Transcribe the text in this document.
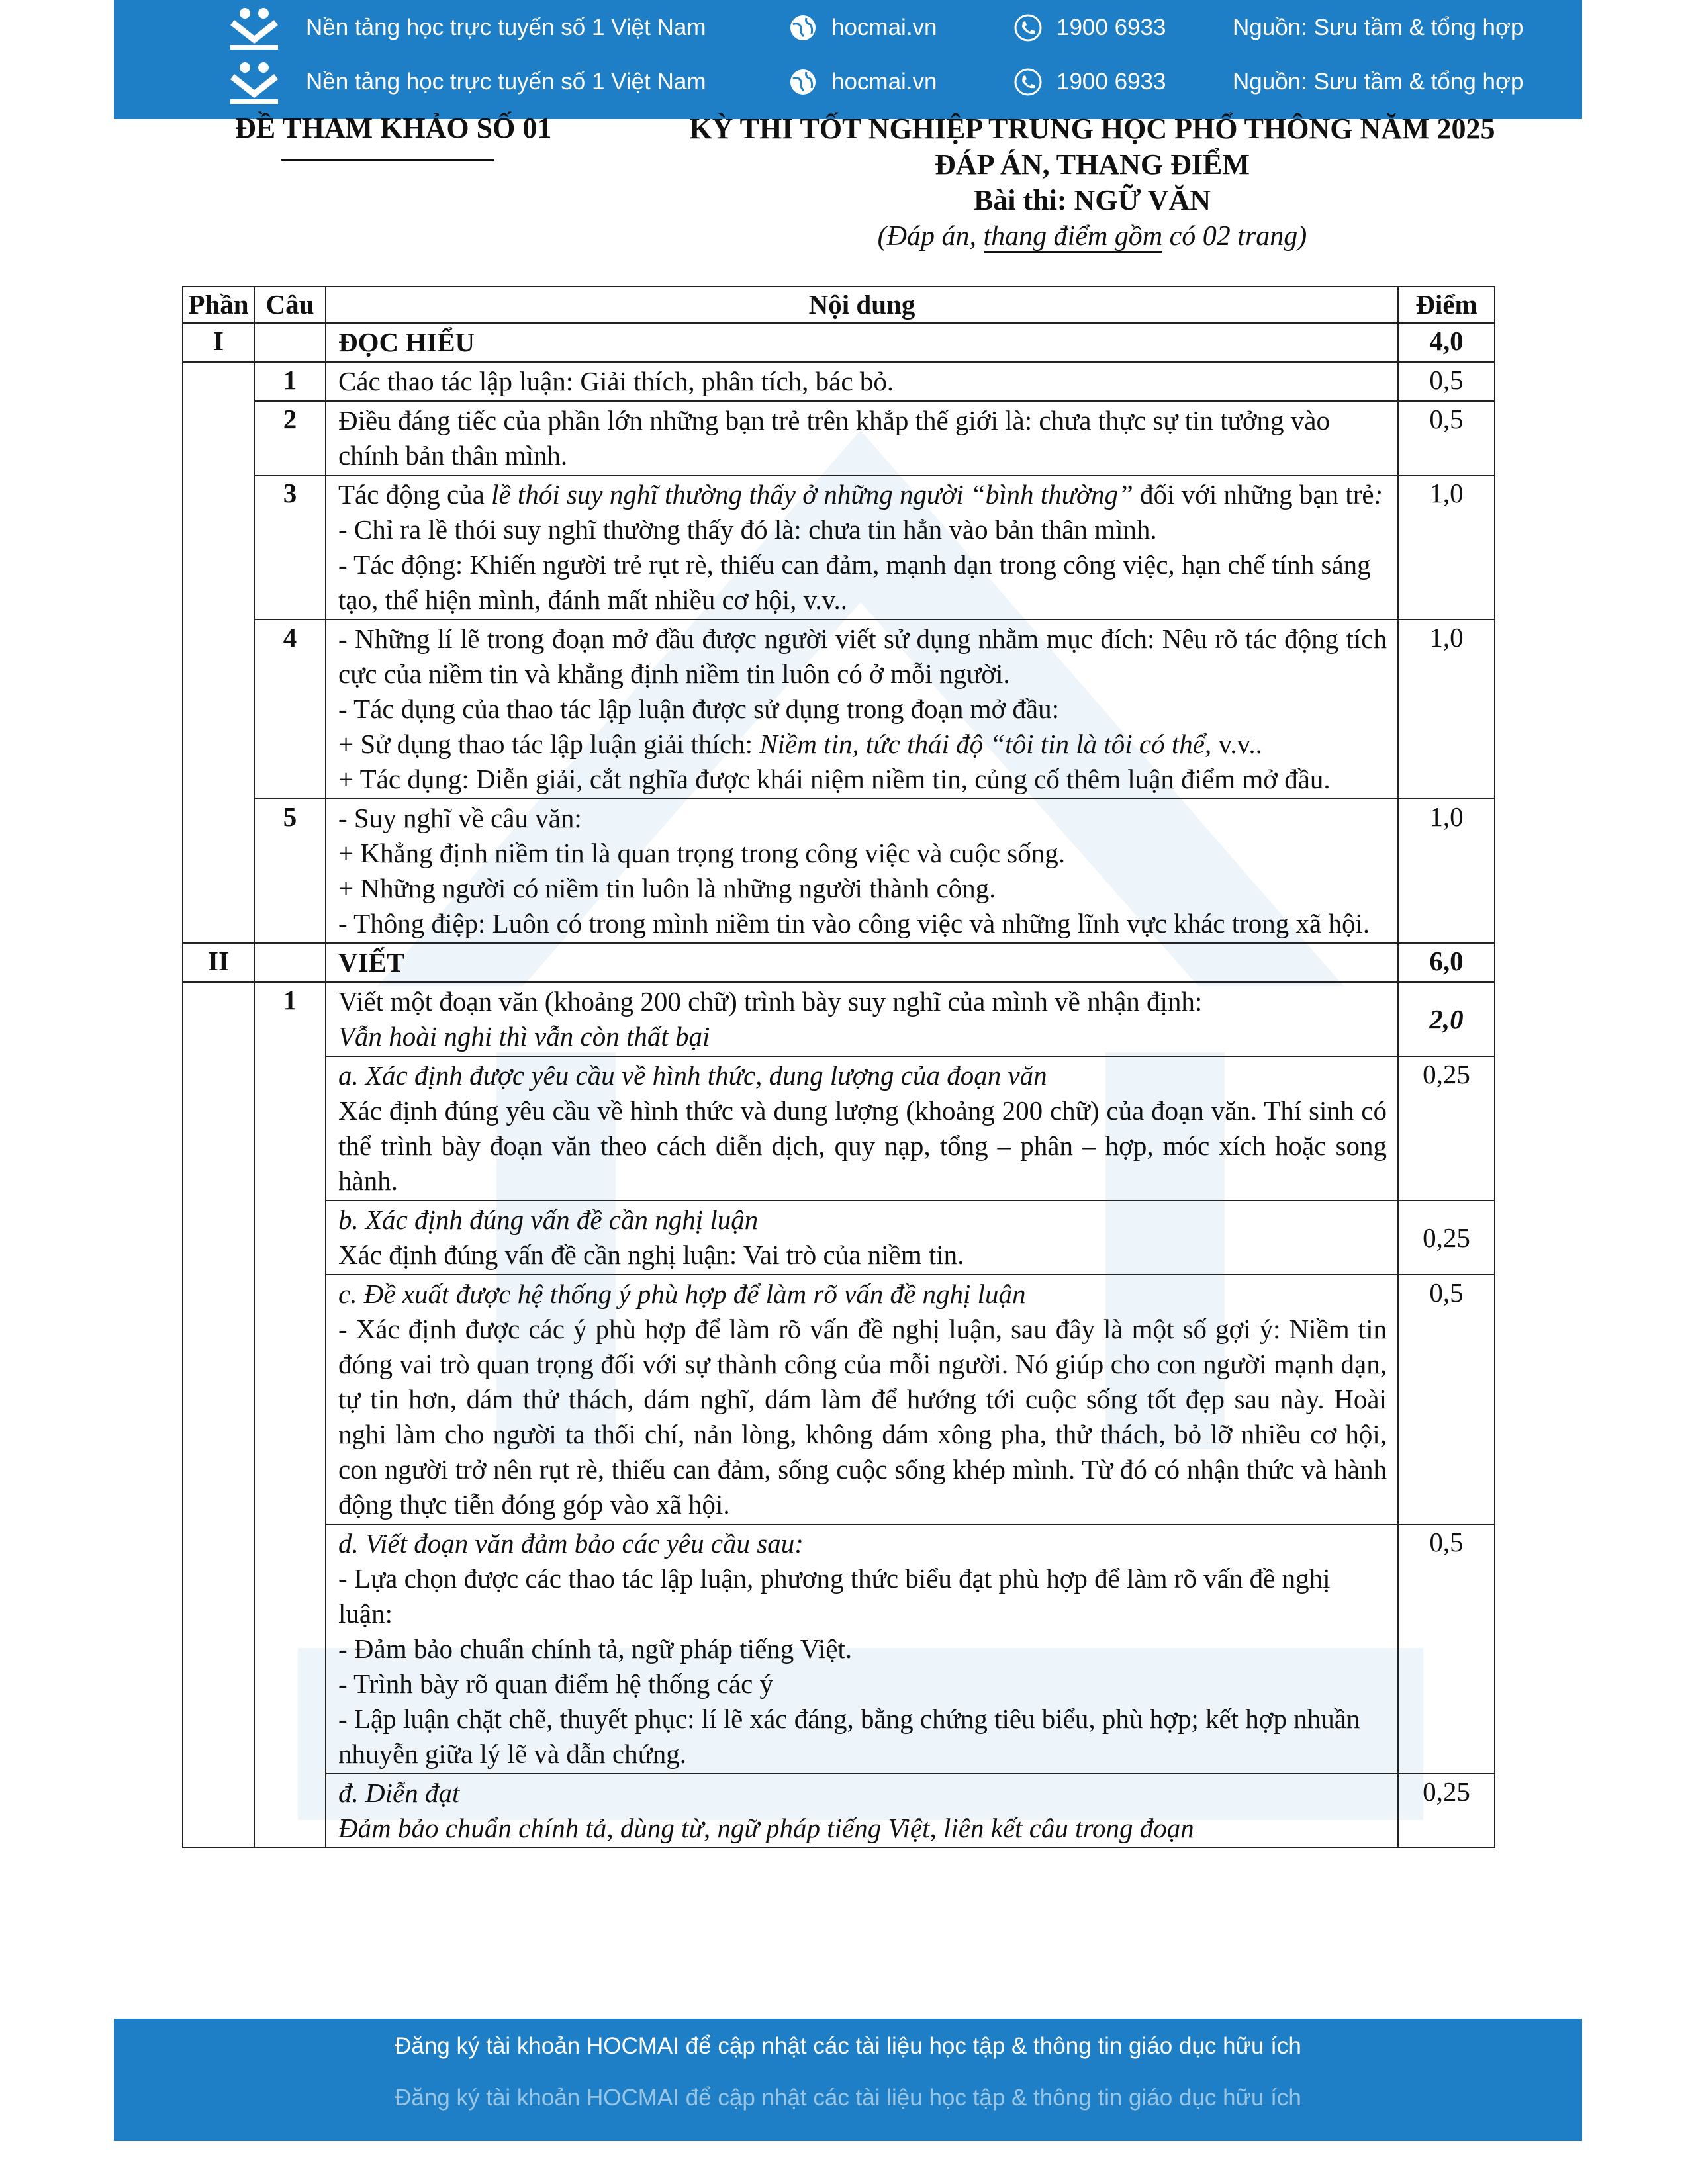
Nền tảng học trực tuyến số 1 Việt Nam	hocmai.vn	1900 6933	Nguồn: Sưu tầm & tổng hợp
Nền tảng học trực tuyến số 1 Việt Nam	hocmai.vn	1900 6933	Nguồn: Sưu tầm & tổng hợp
ĐỀ THAM KHẢO SỐ 01	KỲ THI TỐT NGHIỆP TRUNG HỌC PHỔ THÔNG NĂM 2025
ĐÁP ÁN, THANG ĐIỂM
Bài thi: NGỮ VĂN
(Đáp án, thang điểm gồm có 02 trang)
Phần	Câu	Nội dung	Điểm
I		ĐỌC HIỂU	4,0
	1	Các thao tác lập luận: Giải thích, phân tích, bác bỏ.	0,5
	2	Điều đáng tiếc của phần lớn những bạn trẻ trên khắp thế giới là: chưa thực sự tin tưởng vào chính bản thân mình.	0,5
	3	Tác động của lề thói suy nghĩ thường thấy ở những người “bình thường” đối với những bạn trẻ:
- Chỉ ra lề thói suy nghĩ thường thấy đó là: chưa tin hẳn vào bản thân mình.
- Tác động: Khiến người trẻ rụt rè, thiếu can đảm, mạnh dạn trong công việc, hạn chế tính sáng tạo, thể hiện mình, đánh mất nhiều cơ hội, v.v..	1,0
	4	- Những lí lẽ trong đoạn mở đầu được người viết sử dụng nhằm mục đích: Nêu rõ tác động tích cực của niềm tin và khẳng định niềm tin luôn có ở mỗi người.
- Tác dụng của thao tác lập luận được sử dụng trong đoạn mở đầu:
+ Sử dụng thao tác lập luận giải thích: Niềm tin, tức thái độ “tôi tin là tôi có thể, v.v..
+ Tác dụng: Diễn giải, cắt nghĩa được khái niệm niềm tin, củng cố thêm luận điểm mở đầu.	1,0
	5	- Suy nghĩ về câu văn:
+ Khẳng định niềm tin là quan trọng trong công việc và cuộc sống.
+ Những người có niềm tin luôn là những người thành công.
- Thông điệp: Luôn có trong mình niềm tin vào công việc và những lĩnh vực khác trong xã hội.	1,0
II		VIẾT	6,0
	1	Viết một đoạn văn (khoảng 200 chữ) trình bày suy nghĩ của mình về nhận định:
Vẫn hoài nghi thì vẫn còn thất bại	2,0

		a. Xác định được yêu cầu về hình thức, dung lượng của đoạn văn
Xác định đúng yêu cầu về hình thức và dung lượng (khoảng 200 chữ) của đoạn văn. Thí sinh có thể trình bày đoạn văn theo cách diễn dịch, quy nạp, tổng – phân – hợp, móc xích hoặc song hành.	0,25

		b. Xác định đúng vấn đề cần nghị luận
Xác định đúng vấn đề cần nghị luận: Vai trò của niềm tin.	0,25

		c. Đề xuất được hệ thống ý phù hợp để làm rõ vấn đề nghị luận
- Xác định được các ý phù hợp để làm rõ vấn đề nghị luận, sau đây là một số gợi ý: Niềm tin đóng vai trò quan trọng đối với sự thành công của mỗi người. Nó giúp cho con người mạnh dạn, tự tin hơn, dám thử thách, dám nghĩ, dám làm để hướng tới cuộc sống tốt đẹp sau này. Hoài nghi làm cho người ta thối chí, nản lòng, không dám xông pha, thử thách, bỏ lỡ nhiều cơ hội, con người trở nên rụt rè, thiếu can đảm, sống cuộc sống khép mình. Từ đó có nhận thức và hành động thực tiễn đóng góp vào xã hội.	0,5

		d. Viết đoạn văn đảm bảo các yêu cầu sau:
- Lựa chọn được các thao tác lập luận, phương thức biểu đạt phù hợp để làm rõ vấn đề nghị luận:
- Đảm bảo chuẩn chính tả, ngữ pháp tiếng Việt.
- Trình bày rõ quan điểm hệ thống các ý
- Lập luận chặt chẽ, thuyết phục: lí lẽ xác đáng, bằng chứng tiêu biểu, phù hợp; kết hợp nhuần nhuyễn giữa lý lẽ và dẫn chứng.	0,5

		đ. Diễn đạt
Đảm bảo chuẩn chính tả, dùng từ, ngữ pháp tiếng Việt, liên kết câu trong đoạn	0,25
Đăng ký tài khoản HOCMAI để cập nhật các tài liệu học tập & thông tin giáo dục hữu ích
Đăng ký tài khoản HOCMAI để cập nhật các tài liệu học tập & thông tin giáo dục hữu ích
